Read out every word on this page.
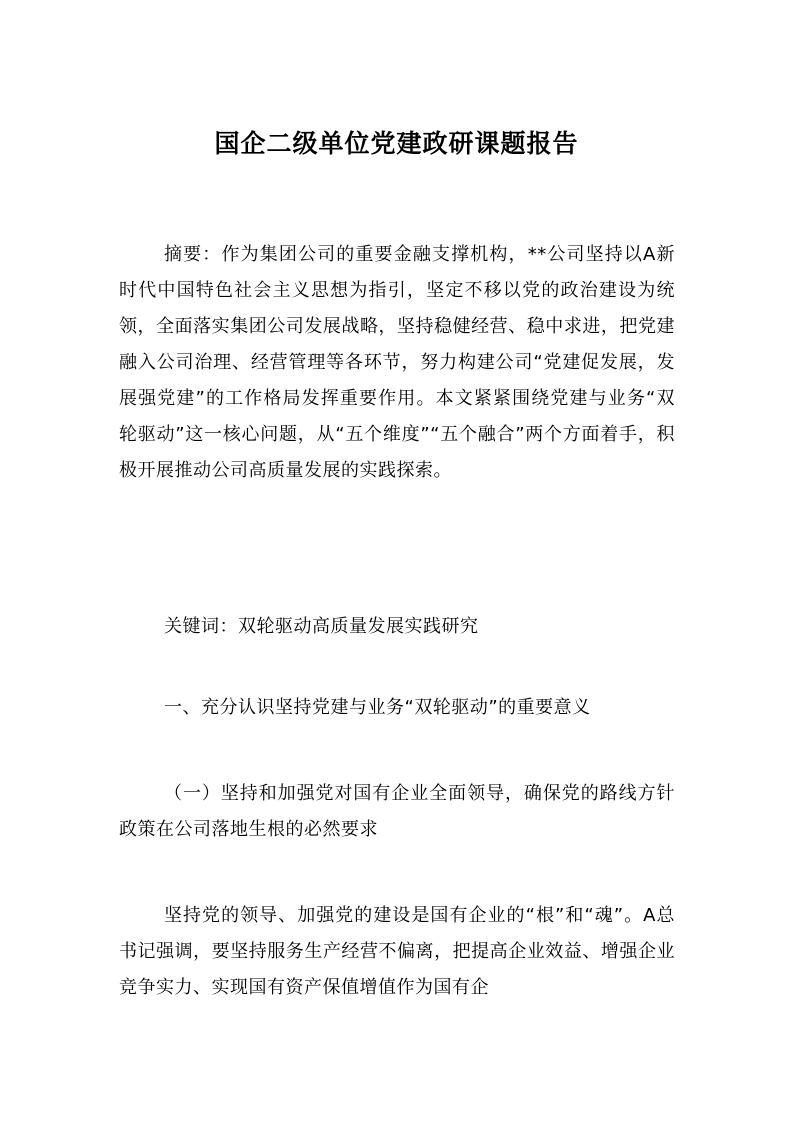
国企二级单位党建政研课题报告

摘要：作为集团公司的重要金融支撑机构，**公司坚持以A新时代中国特色社会主义思想为指引，坚定不移以党的政治建设为统领，全面落实集团公司发展战略，坚持稳健经营、稳中求进，把党建融入公司治理、经营管理等各环节，努力构建公司“党建促发展，发展强党建”的工作格局发挥重要作用。本文紧紧围绕党建与业务“双轮驱动”这一核心问题，从“五个维度”“五个融合”两个方面着手，积极开展推动公司高质量发展的实践探索。

关键词：双轮驱动高质量发展实践研究

一、充分认识坚持党建与业务“双轮驱动”的重要意义

（一）坚持和加强党对国有企业全面领导，确保党的路线方针政策在公司落地生根的必然要求

坚持党的领导、加强党的建设是国有企业的“根”和“魂”。A总书记强调，要坚持服务生产经营不偏离，把提高企业效益、增强企业竞争实力、实现国有资产保值增值作为国有企
